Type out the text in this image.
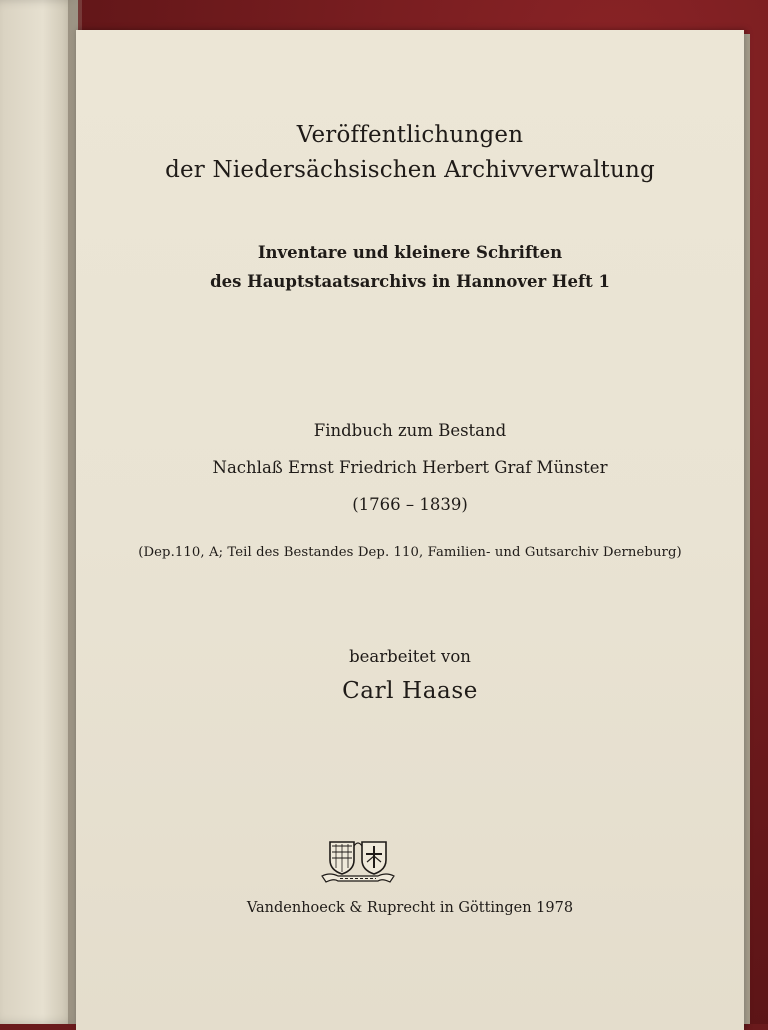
Veröffentlichungen
der Niedersächsischen Archivverwaltung
Inventare und kleinere Schriften
des Hauptstaatsarchivs in Hannover Heft 1
Findbuch zum Bestand
Nachlaß Ernst Friedrich Herbert Graf Münster
(1766 – 1839)
(Dep.110, A; Teil des Bestandes Dep. 110, Familien- und Gutsarchiv Derneburg)
bearbeitet von
Carl Haase
Vandenhoeck & Ruprecht in Göttingen 1978
